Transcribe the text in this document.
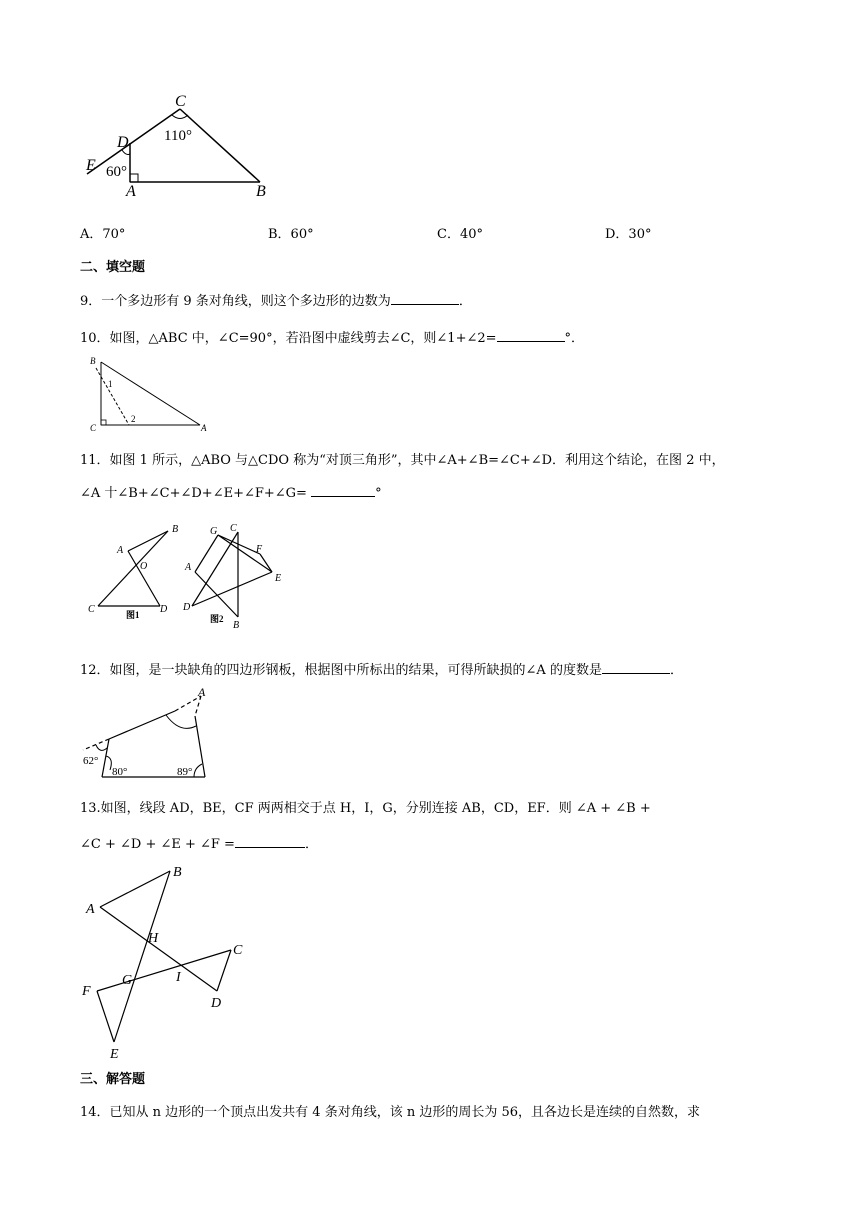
C
D
E
A	B
110°
60°
A．70°	B．60°	C．40°	D．30°
二、填空题
9．一个多边形有 9 条对角线，则这个多边形的边数为	．
10．如图，△ABC 中，∠C=90°，若沿图中虚线剪去∠C，则∠1+∠2=	°．
B
C	A
1
2
11．如图 1 所示，△ABO 与△CDO 称为“对顶三角形”，其中∠A+∠B=∠C+∠D．利用这个结论，在图 2 中，
∠A 十∠B+∠C+∠D+∠E+∠F+∠G=	°
A
B
O
C	D
图1
G C
F
A
E
D
B
图2
12．如图，是一块缺角的四边形钢板，根据图中所标出的结果，可得所缺损的∠A 的度数是	．
A
62°
80°	89°
13.如图，线段 AD，BE，CF 两两相交于点 H，I，G，分别连接 AB，CD，EF．则 ∠A + ∠B +
∠C + ∠D + ∠E + ∠F =	．
A
B
H
C
G	I
F
D
E
三、解答题
14．已知从 n 边形的一个顶点出发共有 4 条对角线，该 n 边形的周长为 56，且各边长是连续的自然数，求
